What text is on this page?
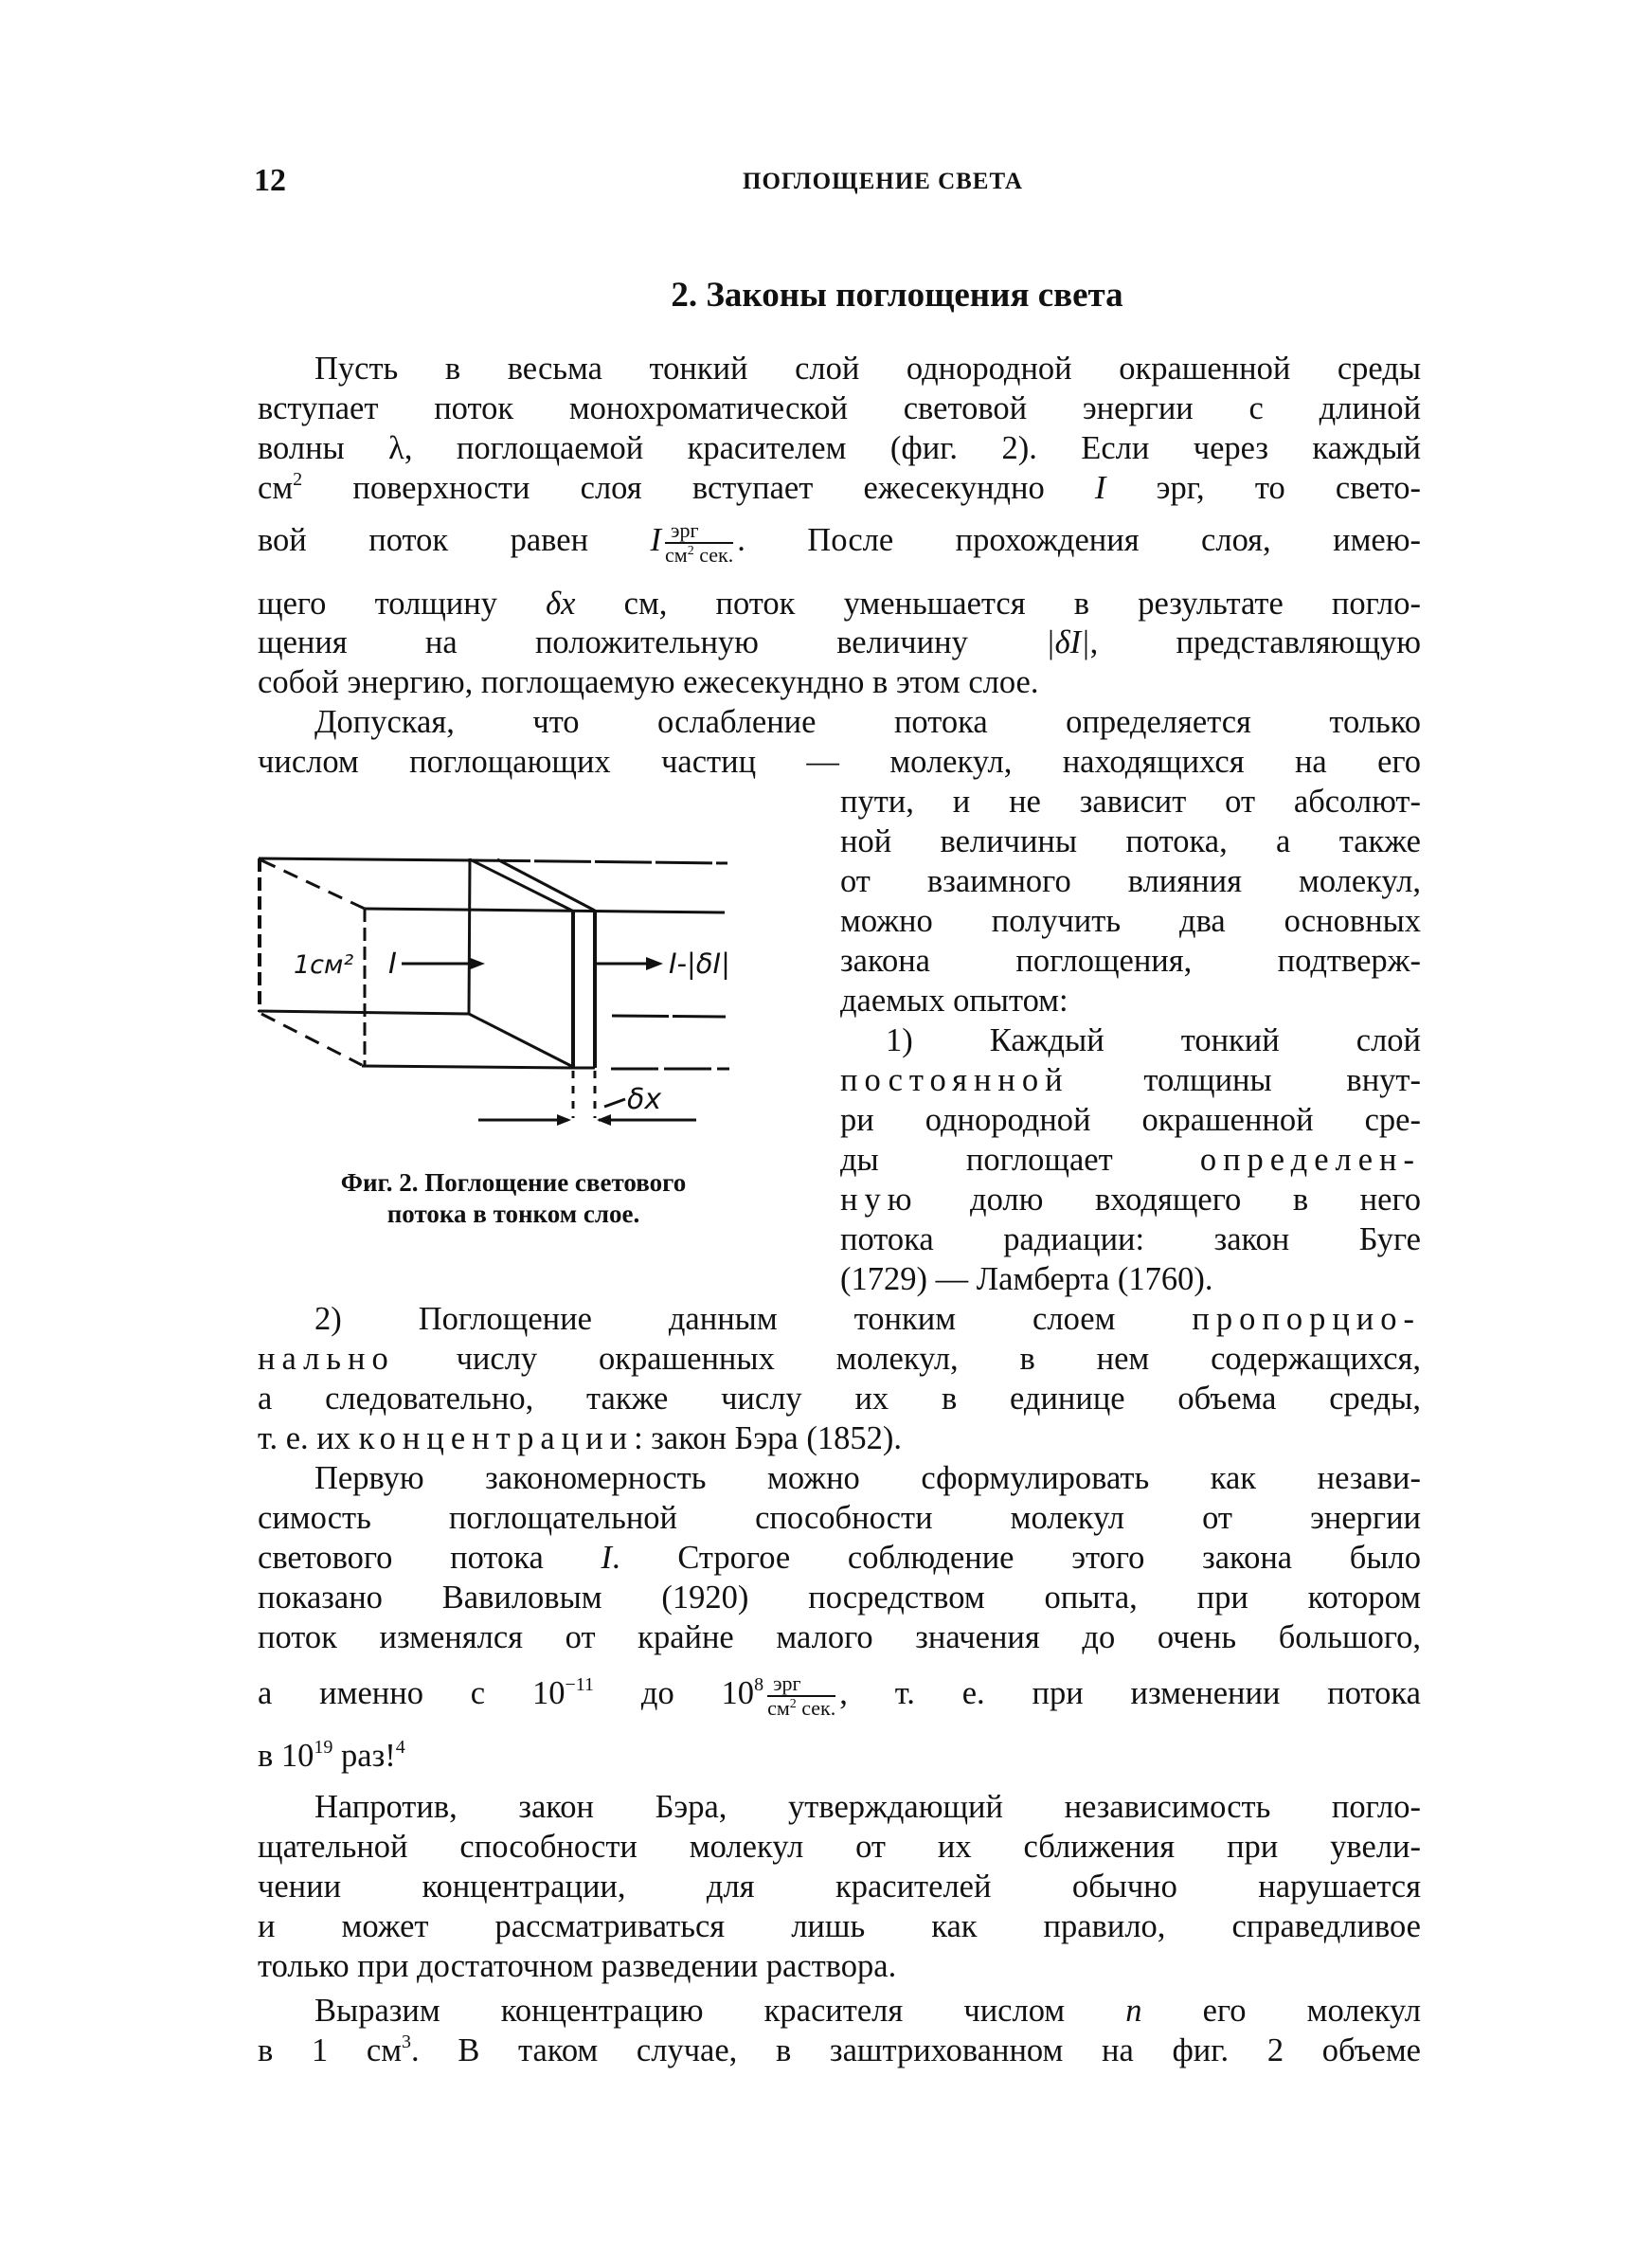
12	ПОГЛОЩЕНИЕ СВЕТА
2. Законы поглощения света
Пусть в весьма тонкий слой однородной окрашенной среды
вступает поток монохроматической световой энергии с длиной
волны λ, поглощаемой красителем (фиг. 2). Если через каждый
$см^2$ поверхности слоя вступает ежесекундно I эрг, то свето-
вой поток равен I $\frac{\text{эрг}}{см^2 сек.}$ . После прохождения слоя, имею-
щего толщину δx см, поток уменьшается в результате погло-
щения на положительную величину |δI|, представляющую
собой энергию, поглощаемую ежесекундно в этом слое.
Допуская, что ослабление потока определяется только
числом поглощающих частиц — молекул, находящихся на его
пути, и не зависит от абсолют-
ной величины потока, а также
от взаимного влияния молекул,
можно получить два основных
закона поглощения, подтверж-
даемых опытом:
1) Каждый тонкий слой
постоянной толщины внут-
ри однородной окрашенной сре-
ды поглощает определен-
ную долю входящего в него
потока радиации: закон Буге
(1729) — Ламберта (1760).
1см² I	I-|δI|
δx
Фиг. 2. Поглощение светового
потока в тонком слое.
2) Поглощение данным тонким слоем пропорцио-
нально числу окрашенных молекул, в нем содержащихся,
а следовательно, также числу их в единице объема среды,
т. е. их концентрации: закон Бэра (1852).
Первую закономерность можно сформулировать как незави-
симость поглощательной способности молекул от энергии
светового потока I. Строгое соблюдение этого закона было
показано Вавиловым (1920) посредством опыта, при котором
поток изменялся от крайне малого значения до очень большого,
а именно с $10^{-11}$ до $10^8 \frac{\text{эрг}}{см^2 сек.}$ , т. е. при изменении потока
в $10^{19}$ раз!$^4$
Напротив, закон Бэра, утверждающий независимость погло-
щательной способности молекул от их сближения при увели-
чении концентрации, для красителей обычно нарушается
и может рассматриваться лишь как правило, справедливое
только при достаточном разведении раствора.
Выразим концентрацию красителя числом n его молекул
в 1 $см^3$. В таком случае, в заштрихованном на фиг. 2 объеме
